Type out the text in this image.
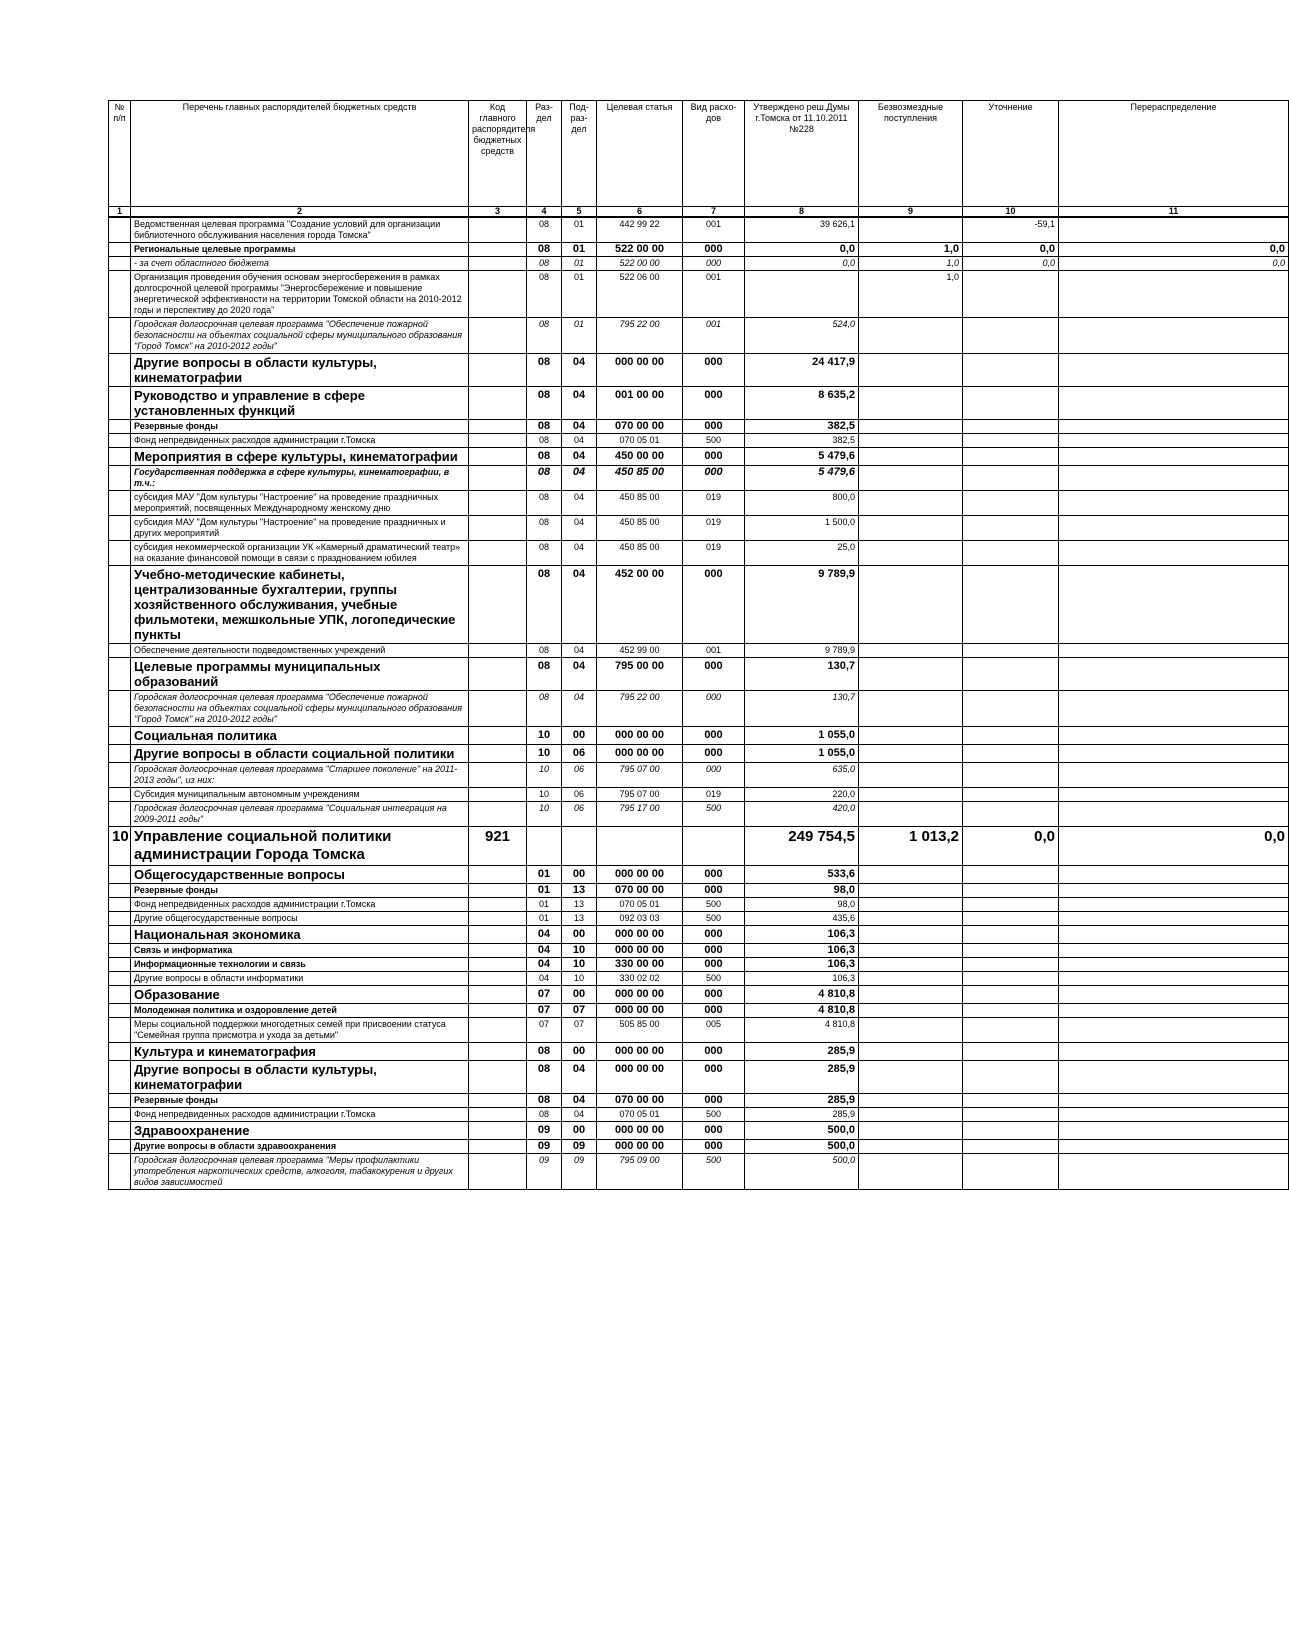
№ п/п	Перечень главных распорядителей бюджетных средств	Код главного распорядителя бюджетных средств	Раз-дел	Под-раз-дел	Целевая статья	Вид расхо-дов	Утверждено реш.Думы г.Томска от 11.10.2011 №228	Безвозмездные поступления	Уточнение	Перераспределение
1	2	3	4	5	6	7	8	9	10	11
	Ведомственная целевая программа "Создание условий для организации библиотечного обслуживания населения города Томска"		08	01	442 99 22	001	39 626,1		-59,1	
	Региональные целевые программы		08	01	522 00 00	000	0,0	1,0	0,0	0,0
	- за счет областного бюджета		08	01	522 00 00	000	0,0	1,0	0,0	0,0
	Организация проведения обучения основам энергосбережения в рамках долгосрочной целевой программы "Энергосбережение и повышение энергетической эффективности на территории Томской области на 2010-2012 годы и перспективу до 2020 года"		08	01	522 06 00	001		1,0		
	Городская долгосрочная целевая программа "Обеспечение пожарной безопасности на объектах социальной сферы муниципального образования "Город Томск" на 2010-2012 годы"		08	01	795 22 00	001	524,0			
	Другие вопросы в области культуры, кинематографии		08	04	000 00 00	000	24 417,9			
	Руководство и управление в сфере установленных функций		08	04	001 00 00	000	8 635,2			
	Резервные фонды		08	04	070 00 00	000	382,5			
	Фонд непредвиденных расходов администрации г.Томска		08	04	070 05 01	500	382,5			
	Мероприятия в сфере культуры, кинематографии		08	04	450 00 00	000	5 479,6			
	Государственная поддержка в сфере культуры, кинематографии, в т.ч.:		08	04	450 85 00	000	5 479,6			
	субсидия МАУ "Дом культуры "Настроение" на проведение праздничных мероприятий, посвященных Международному женскому дню		08	04	450 85 00	019	800,0			
	субсидия МАУ "Дом культуры "Настроение" на проведение праздничных и других мероприятий		08	04	450 85 00	019	1 500,0			
	субсидия некоммерческой организации УК «Камерный драматический театр» на оказание финансовой помощи в связи с празднованием юбилея		08	04	450 85 00	019	25,0			
	Учебно-методические кабинеты, централизованные бухгалтерии, группы хозяйственного обслуживания, учебные фильмотеки, межшкольные УПК, логопедические пункты		08	04	452 00 00	000	9 789,9			
	Обеспечение деятельности подведомственных учреждений		08	04	452 99 00	001	9 789,9			
	Целевые программы муниципальных образований		08	04	795 00 00	000	130,7			
	Городская долгосрочная целевая программа "Обеспечение пожарной безопасности на объектах социальной сферы муниципального образования "Город Томск" на 2010-2012 годы"		08	04	795 22 00	000	130,7			
	Социальная политика		10	00	000 00 00	000	1 055,0			
	Другие вопросы в области социальной политики		10	06	000 00 00	000	1 055,0			
	Городская долгосрочная целевая программа "Старшее поколение" на 2011-2013 годы", из них:		10	06	795 07 00	000	635,0			
	Субсидия муниципальным автономным учреждениям		10	06	795 07 00	019	220,0			
	Городская долгосрочная целевая программа "Социальная интеграция на 2009-2011 годы"		10	06	795 17 00	500	420,0			
10	Управление социальной политики администрации Города Томска	921					249 754,5	1 013,2	0,0	0,0
	Общегосударственные вопросы		01	00	000 00 00	000	533,6			
	Резервные фонды		01	13	070 00 00	000	98,0			
	Фонд непредвиденных расходов администрации г.Томска		01	13	070 05 01	500	98,0			
	Другие общегосударственные вопросы		01	13	092 03 03	500	435,6			
	Национальная экономика		04	00	000 00 00	000	106,3			
	Связь и информатика		04	10	000 00 00	000	106,3			
	Информационные технологии и связь		04	10	330 00 00	000	106,3			
	Другие вопросы в области информатики		04	10	330 02 02	500	106,3			
	Образование		07	00	000 00 00	000	4 810,8			
	Молодежная политика и оздоровление детей		07	07	000 00 00	000	4 810,8			
	Меры социальной поддержки многодетных семей при присвоении статуса "Семейная группа присмотра и ухода за детьми"		07	07	505 85 00	005	4 810,8			
	Культура и кинематография		08	00	000 00 00	000	285,9			
	Другие вопросы в области культуры, кинематографии		08	04	000 00 00	000	285,9			
	Резервные фонды		08	04	070 00 00	000	285,9			
	Фонд непредвиденных расходов администрации г.Томска		08	04	070 05 01	500	285,9			
	Здравоохранение		09	00	000 00 00	000	500,0			
	Другие вопросы в области здравоохранения		09	09	000 00 00	000	500,0			
	Городская долгосрочная целевая программа "Меры профилактики употребления наркотических средств, алкоголя, табакокурения и других видов зависимостей		09	09	795 09 00	500	500,0			
